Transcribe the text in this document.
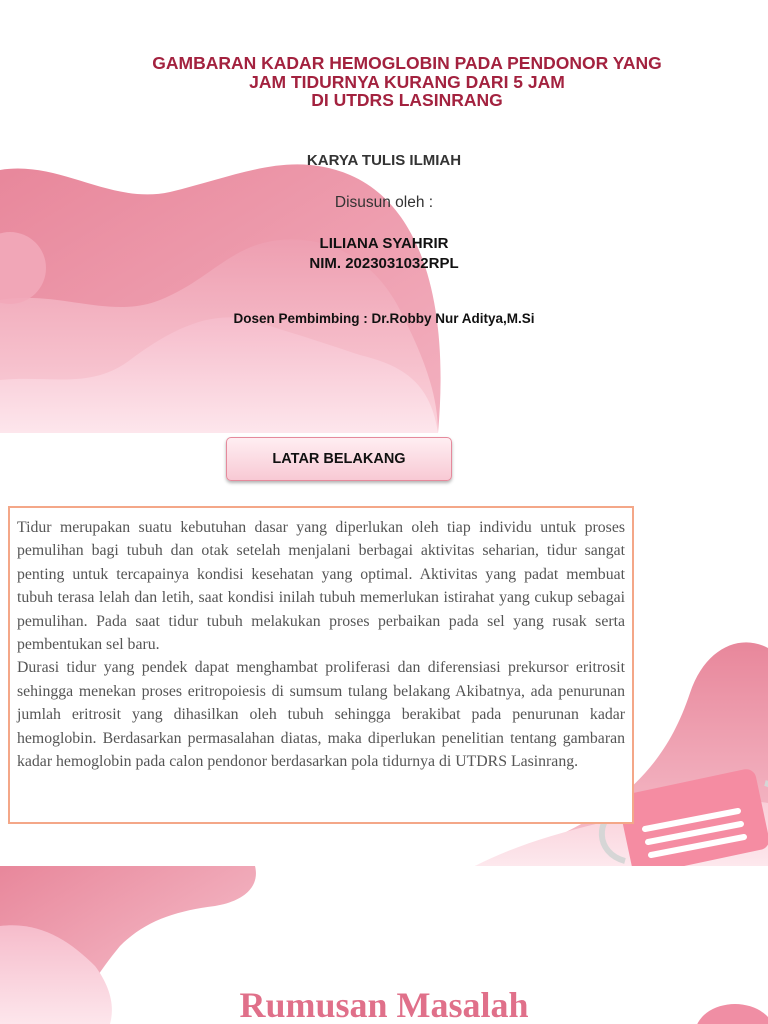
GAMBARAN KADAR HEMOGLOBIN PADA PENDONOR YANG
JAM TIDURNYA KURANG DARI 5 JAM
DI UTDRS LASINRANG
KARYA TULIS ILMIAH
Disusun oleh :
LILIANA SYAHRIR
NIM. 2023031032RPL
Dosen Pembimbing : Dr.Robby Nur Aditya,M.Si
LATAR BELAKANG

Tidur merupakan suatu kebutuhan dasar yang diperlukan oleh tiap individu untuk proses pemulihan bagi tubuh dan otak setelah menjalani berbagai aktivitas seharian, tidur sangat penting untuk tercapainya kondisi kesehatan yang optimal. Aktivitas yang padat membuat tubuh terasa lelah dan letih, saat kondisi inilah tubuh memerlukan istirahat yang cukup sebagai pemulihan. Pada saat tidur tubuh melakukan proses perbaikan pada sel yang rusak serta pembentukan sel baru.

Durasi tidur yang pendek dapat menghambat proliferasi dan diferensiasi prekursor eritrosit sehingga menekan proses eritropoiesis di sumsum tulang belakang Akibatnya, ada penurunan jumlah eritrosit yang dihasilkan oleh tubuh sehingga berakibat pada penurunan kadar hemoglobin. Berdasarkan permasalahan diatas, maka diperlukan penelitian tentang gambaran kadar hemoglobin pada calon pendonor berdasarkan pola tidurnya di UTDRS Lasinrang.

Rumusan Masalah
